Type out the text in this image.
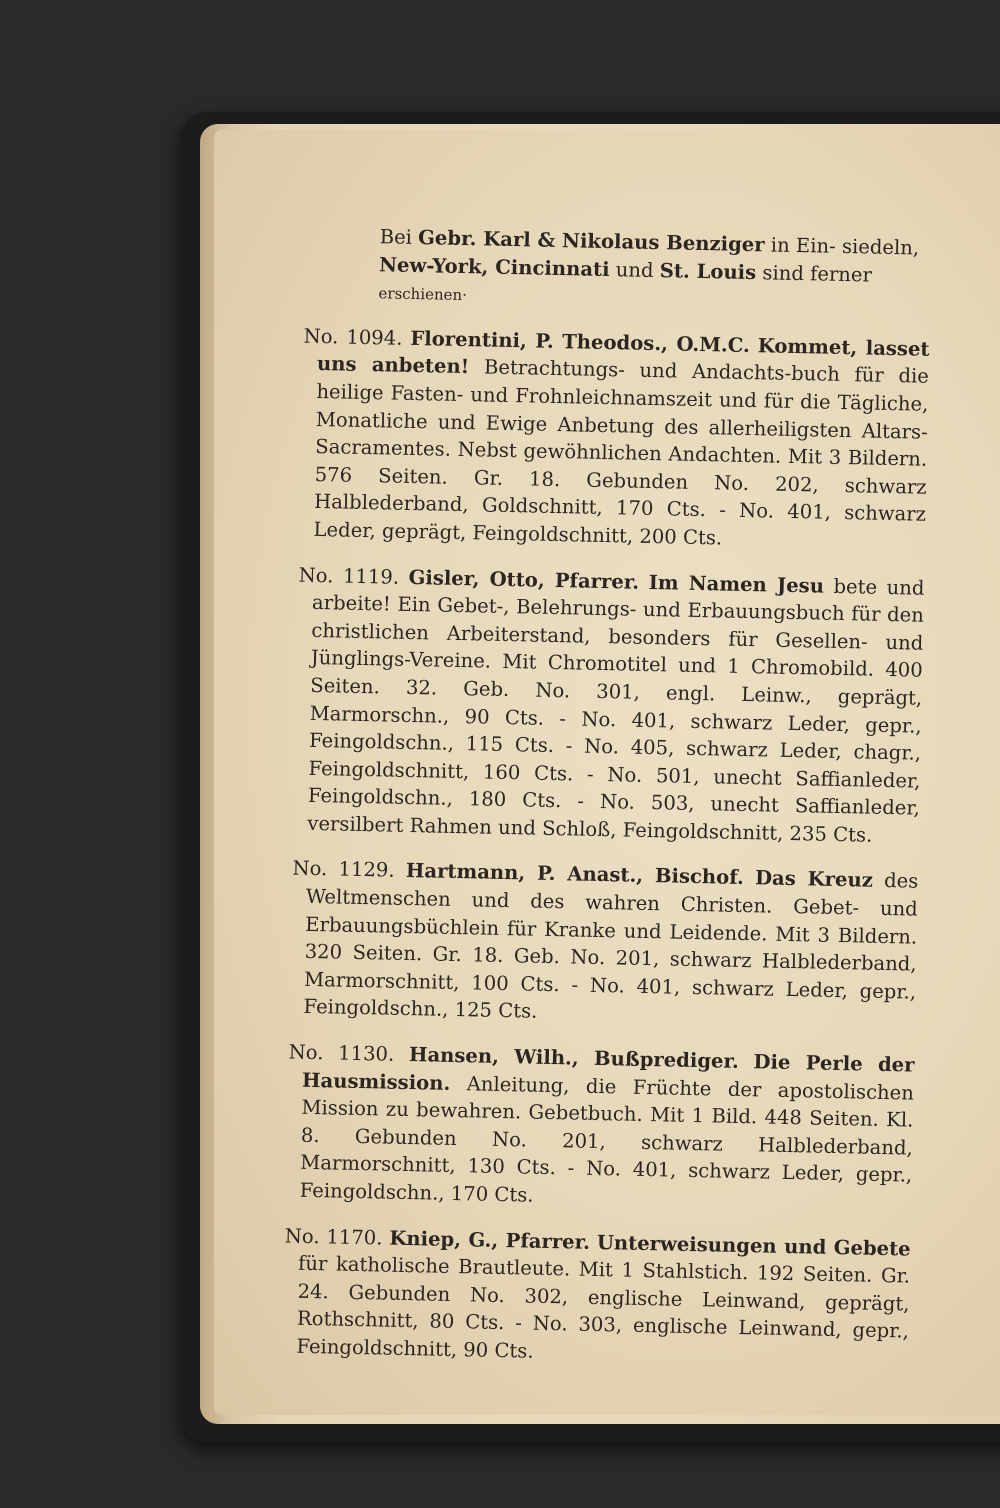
Bei Gebr. Karl & Nikolaus Benziger in Ein- siedeln, New-York, Cincinnati und St. Louis sind ferner erschienen·

No. 1094. Florentini, P. Theodos., O.M.C. Kommet, lasset uns anbeten! Betrachtungs- und Andachts-buch für die heilige Fasten- und Frohnleichnamszeit und für die Tägliche, Monatliche und Ewige Anbetung des allerheiligsten Altars-Sacramentes. Nebst gewöhnlichen Andachten. Mit 3 Bildern. 576 Seiten. Gr. 18. Gebunden No. 202, schwarz Halblederband, Goldschnitt, 170 Cts. - No. 401, schwarz Leder, geprägt, Feingoldschnitt, 200 Cts.

No. 1119. Gisler, Otto, Pfarrer. Im Namen Jesu bete und arbeite! Ein Gebet-, Belehrungs- und Erbauungsbuch für den christlichen Arbeiterstand, besonders für Gesellen- und Jünglings-Vereine. Mit Chromotitel und 1 Chromobild. 400 Seiten. 32. Geb. No. 301, engl. Leinw., geprägt, Marmorschn., 90 Cts. - No. 401, schwarz Leder, gepr., Feingoldschn., 115 Cts. - No. 405, schwarz Leder, chagr., Feingoldschnitt, 160 Cts. - No. 501, unecht Saffianleder, Feingoldschn., 180 Cts. - No. 503, unecht Saffianleder, versilbert Rahmen und Schloß, Feingoldschnitt, 235 Cts.

No. 1129. Hartmann, P. Anast., Bischof. Das Kreuz des Weltmenschen und des wahren Christen. Gebet- und Erbauungsbüchlein für Kranke und Leidende. Mit 3 Bildern. 320 Seiten. Gr. 18. Geb. No. 201, schwarz Halblederband, Marmorschnitt, 100 Cts. - No. 401, schwarz Leder, gepr., Feingoldschn., 125 Cts.

No. 1130. Hansen, Wilh., Bußprediger. Die Perle der Hausmission. Anleitung, die Früchte der apostolischen Mission zu bewahren. Gebetbuch. Mit 1 Bild. 448 Seiten. Kl. 8. Gebunden No. 201, schwarz Halblederband, Marmorschnitt, 130 Cts. - No. 401, schwarz Leder, gepr., Feingoldschn., 170 Cts.

No. 1170. Kniep, G., Pfarrer. Unterweisungen und Gebete für katholische Brautleute. Mit 1 Stahlstich. 192 Seiten. Gr. 24. Gebunden No. 302, englische Leinwand, geprägt, Rothschnitt, 80 Cts. - No. 303, englische Leinwand, gepr., Feingoldschnitt, 90 Cts.
